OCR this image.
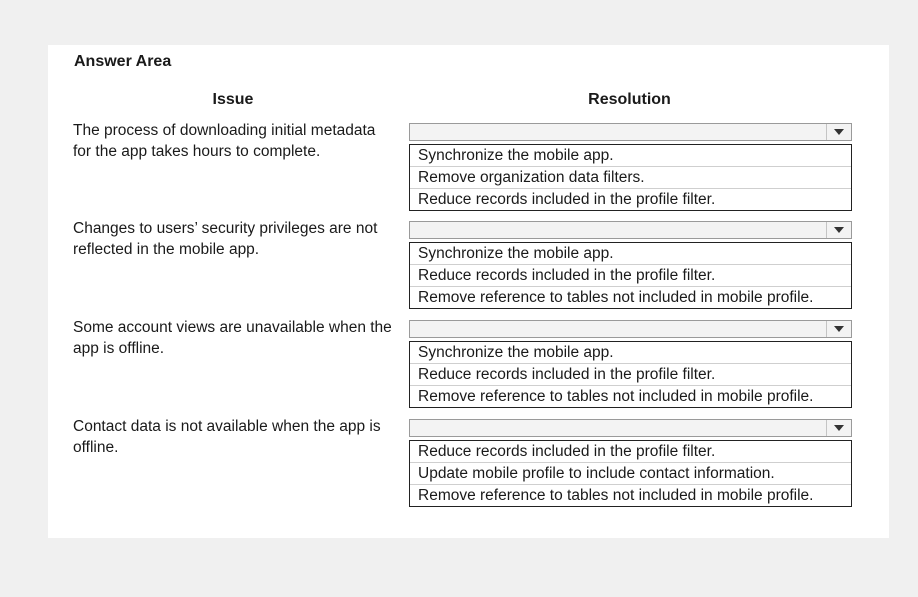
Answer Area
Issue	Resolution
The process of downloading initial metadata for the app takes hours to complete.	Synchronize the mobile app.
Remove organization data filters.
Reduce records included in the profile filter.
Changes to users’ security privileges are not reflected in the mobile app.	Synchronize the mobile app.
Reduce records included in the profile filter.
Remove reference to tables not included in mobile profile.
Some account views are unavailable when the app is offline.	Synchronize the mobile app.
Reduce records included in the profile filter.
Remove reference to tables not included in mobile profile.
Contact data is not available when the app is offline.	Reduce records included in the profile filter.
Update mobile profile to include contact information.
Remove reference to tables not included in mobile profile.
